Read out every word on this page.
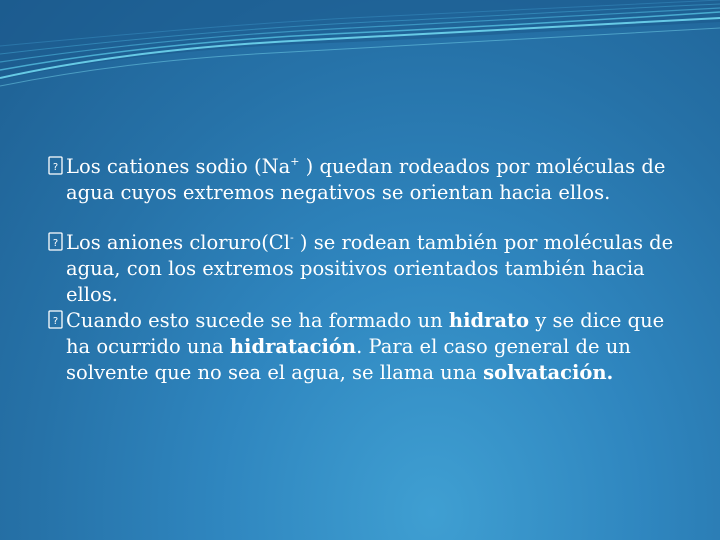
? Los cationes sodio (Na+ ) quedan rodeados por moléculas de agua cuyos extremos negativos se orientan hacia ellos.

? Los aniones cloruro(Cl- ) se rodean también por moléculas de agua, con los extremos positivos orientados también hacia ellos.

? Cuando esto sucede se ha formado un hidrato y se dice que ha ocurrido una hidratación. Para el caso general de un solvente que no sea el agua, se llama una solvatación.
